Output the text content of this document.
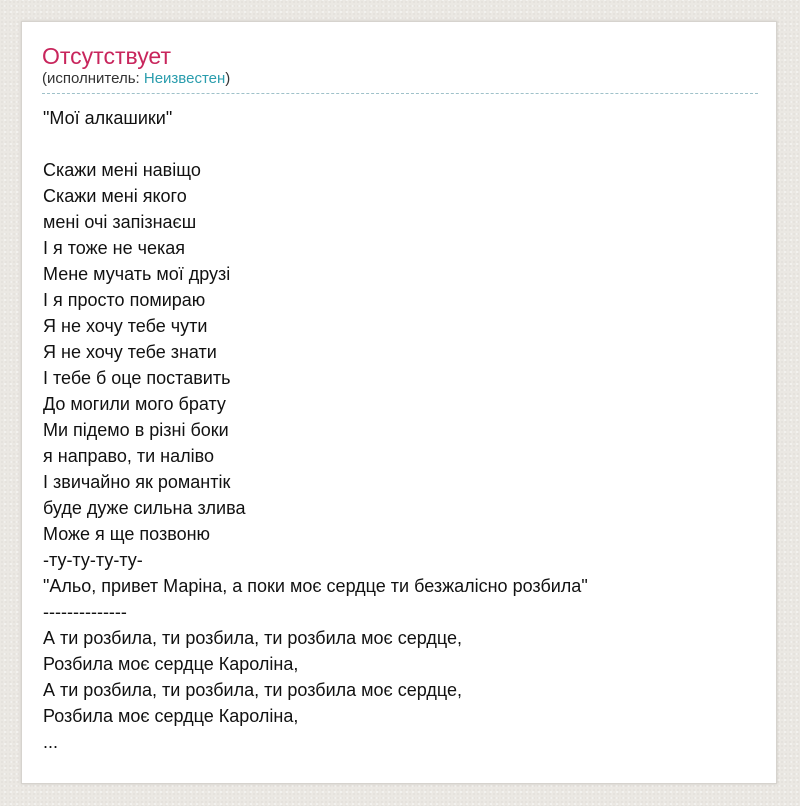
Отсутствует
(исполнитель: Неизвестен)
"Мої алкашики"
Скажи мені навіщо
Скажи мені якого
мені очі запізнаєш
І я тоже не чекая
Мене мучать мої друзі
І я просто помираю
Я не хочу тебе чути
Я не хочу тебе знати
І тебе б оце поставить
До могили мого брату
Ми підемо в різні боки
я направо, ти наліво
І звичайно як романтік
буде дуже сильна злива
Може я ще позвоню
-ту-ту-ту-ту-
"Альо, привет Маріна, а поки моє сердце ти безжалісно розбила"
--------------
А ти розбила, ти розбила, ти розбила моє сердце,
Розбила моє сердце Кароліна,
А ти розбила, ти розбила, ти розбила моє сердце,
Розбила моє сердце Кароліна,
...
